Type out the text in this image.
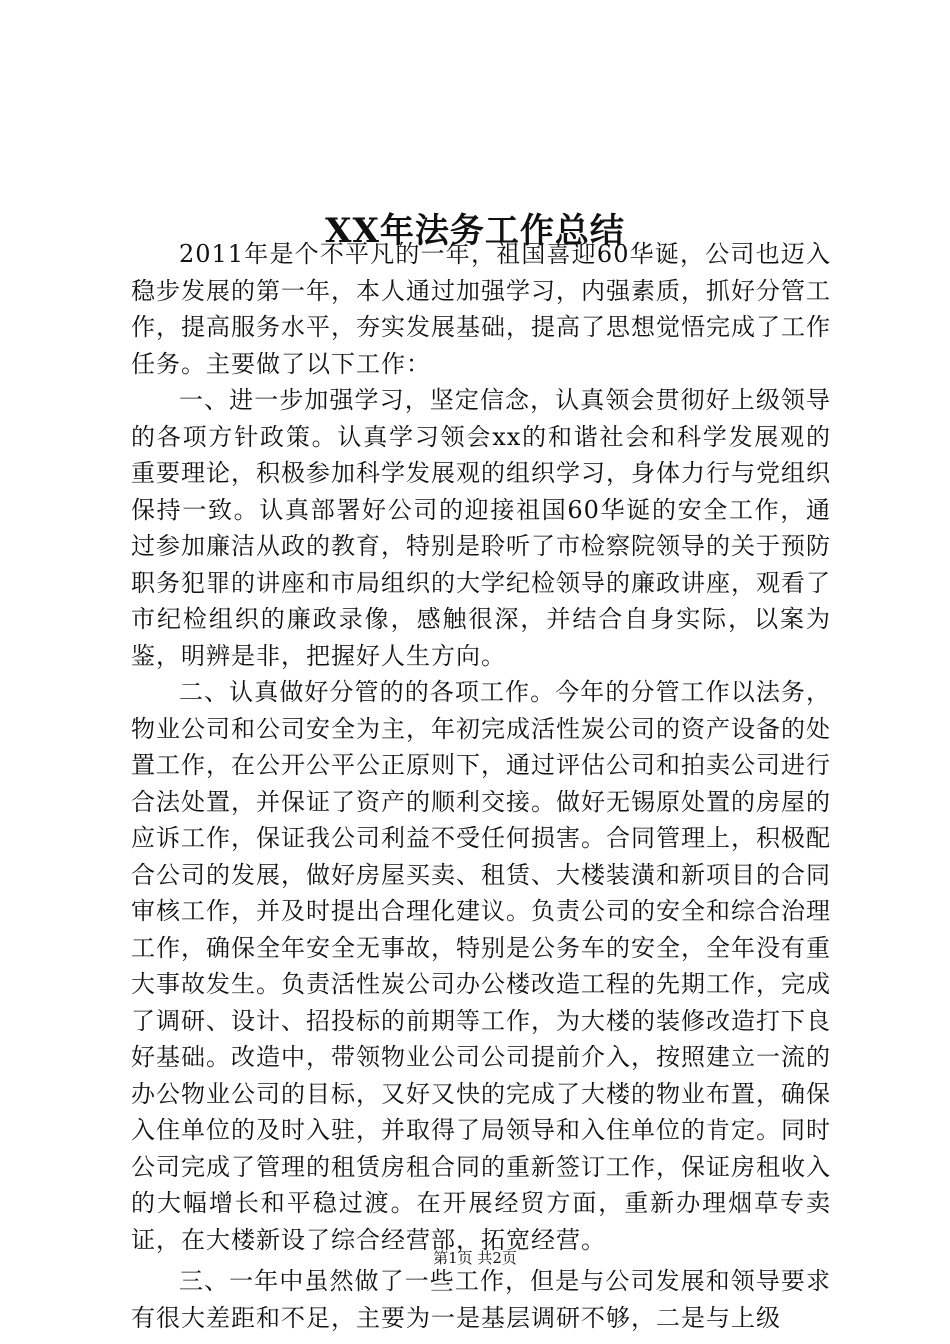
XX年法务工作总结

2011年是个不平凡的一年，祖国喜迎60华诞，公司也迈入稳步发展的第一年，本人通过加强学习，内强素质，抓好分管工作，提高服务水平，夯实发展基础，提高了思想觉悟完成了工作任务。主要做了以下工作：

一、进一步加强学习，坚定信念，认真领会贯彻好上级领导的各项方针政策。认真学习领会xx的和谐社会和科学发展观的重要理论，积极参加科学发展观的组织学习，身体力行与党组织保持一致。认真部署好公司的迎接祖国60华诞的安全工作，通过参加廉洁从政的教育，特别是聆听了市检察院领导的关于预防职务犯罪的讲座和市局组织的大学纪检领导的廉政讲座，观看了市纪检组织的廉政录像，感触很深，并结合自身实际，以案为鉴，明辨是非，把握好人生方向。

二、认真做好分管的的各项工作。今年的分管工作以法务，物业公司和公司安全为主，年初完成活性炭公司的资产设备的处置工作，在公开公平公正原则下，通过评估公司和拍卖公司进行合法处置，并保证了资产的顺利交接。做好无锡原处置的房屋的应诉工作，保证我公司利益不受任何损害。合同管理上，积极配合公司的发展，做好房屋买卖、租赁、大楼装潢和新项目的合同审核工作，并及时提出合理化建议。负责公司的安全和综合治理工作，确保全年安全无事故，特别是公务车的安全，全年没有重大事故发生。负责活性炭公司办公楼改造工程的先期工作，完成了调研、设计、招投标的前期等工作，为大楼的装修改造打下良好基础。改造中，带领物业公司公司提前介入，按照建立一流的办公物业公司的目标，又好又快的完成了大楼的物业布置，确保入住单位的及时入驻，并取得了局领导和入住单位的肯定。同时公司完成了管理的租赁房租合同的重新签订工作，保证房租收入的大幅增长和平稳过渡。在开展经贸方面，重新办理烟草专卖证，在大楼新设了综合经营部，拓宽经营。

三、一年中虽然做了一些工作，但是与公司发展和领导要求有很大差距和不足，主要为一是基层调研不够，二是与上级

第1页 共2页
